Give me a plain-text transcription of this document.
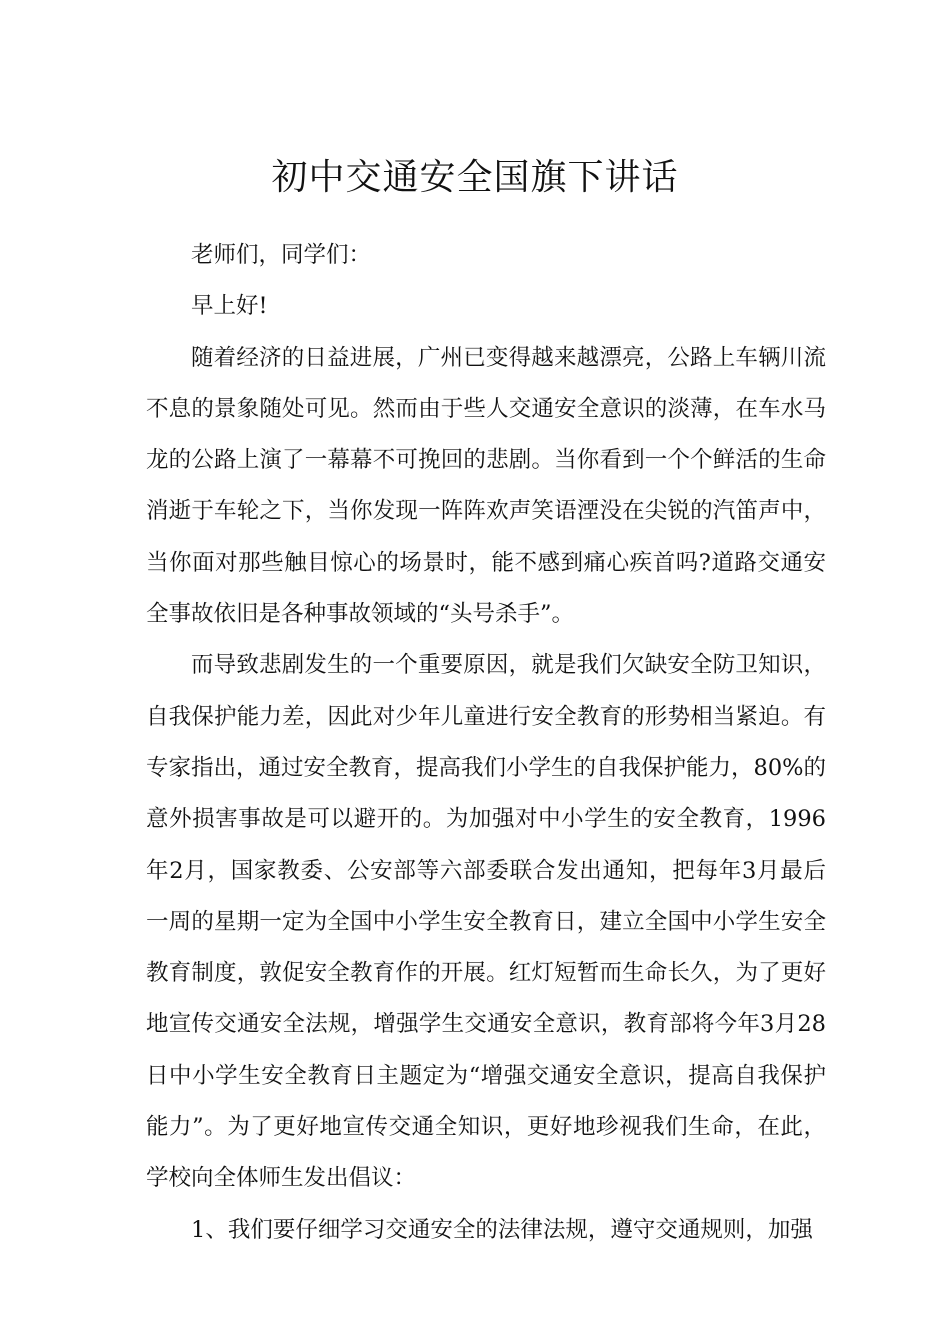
初中交通安全国旗下讲话

老师们，同学们：

早上好!

随着经济的日益进展，广州已变得越来越漂亮，公路上车辆川流不息的景象随处可见。然而由于些人交通安全意识的淡薄，在车水马龙的公路上演了一幕幕不可挽回的悲剧。当你看到一个个鲜活的生命消逝于车轮之下，当你发现一阵阵欢声笑语湮没在尖锐的汽笛声中，当你面对那些触目惊心的场景时，能不感到痛心疾首吗?道路交通安全事故依旧是各种事故领域的“头号杀手”。

而导致悲剧发生的一个重要原因，就是我们欠缺安全防卫知识，自我保护能力差，因此对少年儿童进行安全教育的形势相当紧迫。有专家指出，通过安全教育，提高我们小学生的自我保护能力，80%的意外损害事故是可以避开的。为加强对中小学生的安全教育，1996年2月，国家教委、公安部等六部委联合发出通知，把每年3月最后一周的星期一定为全国中小学生安全教育日，建立全国中小学生安全教育制度，敦促安全教育作的开展。红灯短暂而生命长久，为了更好地宣传交通安全法规，增强学生交通安全意识，教育部将今年3月28日中小学生安全教育日主题定为“增强交通安全意识，提高自我保护能力”。为了更好地宣传交通全知识，更好地珍视我们生命，在此，学校向全体师生发出倡议：

1、我们要仔细学习交通安全的法律法规，遵守交通规则，加强
